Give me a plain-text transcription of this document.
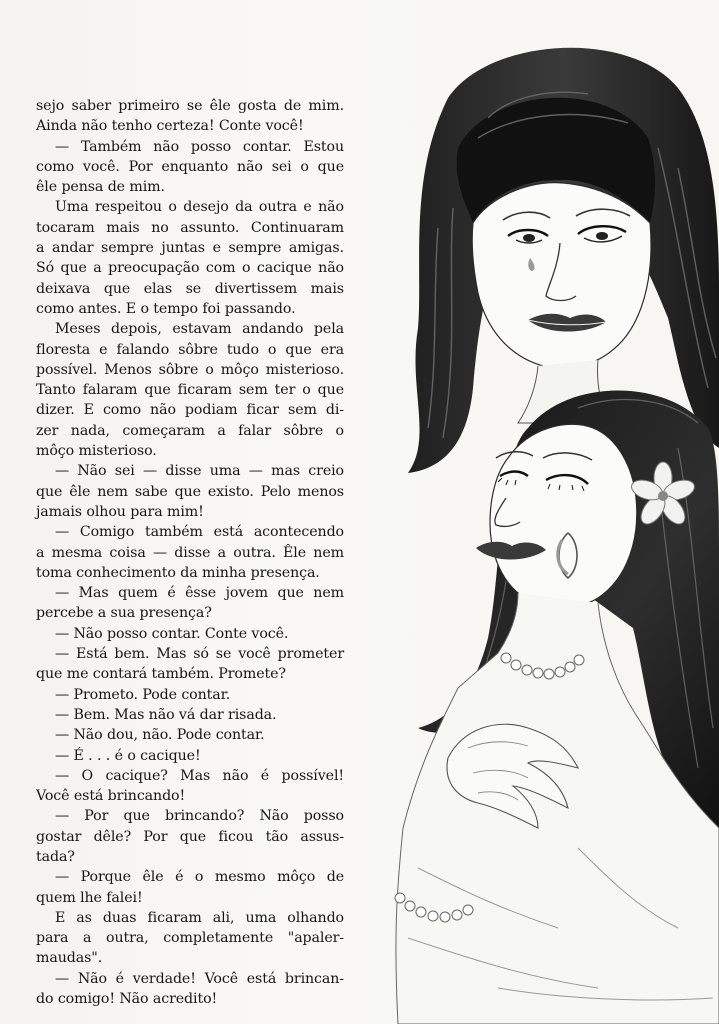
sejo saber primeiro se êle gosta de mim.
Ainda não tenho certeza! Conte você!
— Também não posso contar. Estou
como você. Por enquanto não sei o que
êle pensa de mim.
Uma respeitou o desejo da outra e não
tocaram mais no assunto. Continuaram
a andar sempre juntas e sempre amigas.
Só que a preocupação com o cacique não
deixava que elas se divertissem mais
como antes. E o tempo foi passando.
Meses depois, estavam andando pela
floresta e falando sôbre tudo o que era
possível. Menos sôbre o môço misterioso.
Tanto falaram que ficaram sem ter o que
dizer. E como não podiam ficar sem di-
zer nada, começaram a falar sôbre o
môço misterioso.
— Não sei — disse uma — mas creio
que êle nem sabe que existo. Pelo menos
jamais olhou para mim!
— Comigo também está acontecendo
a mesma coisa — disse a outra. Êle nem
toma conhecimento da minha presença.
— Mas quem é êsse jovem que nem
percebe a sua presença?
— Não posso contar. Conte você.
— Está bem. Mas só se você prometer
que me contará também. Promete?
— Prometo. Pode contar.
— Bem. Mas não vá dar risada.
— Não dou, não. Pode contar.
— É . . . é o cacique!
— O cacique? Mas não é possível!
Você está brincando!
— Por que brincando? Não posso
gostar dêle? Por que ficou tão assus-
tada?
— Porque êle é o mesmo môço de
quem lhe falei!
E as duas ficaram ali, uma olhando
para a outra, completamente "apaler-
maudas".
— Não é verdade! Você está brincan-
do comigo! Não acredito!
